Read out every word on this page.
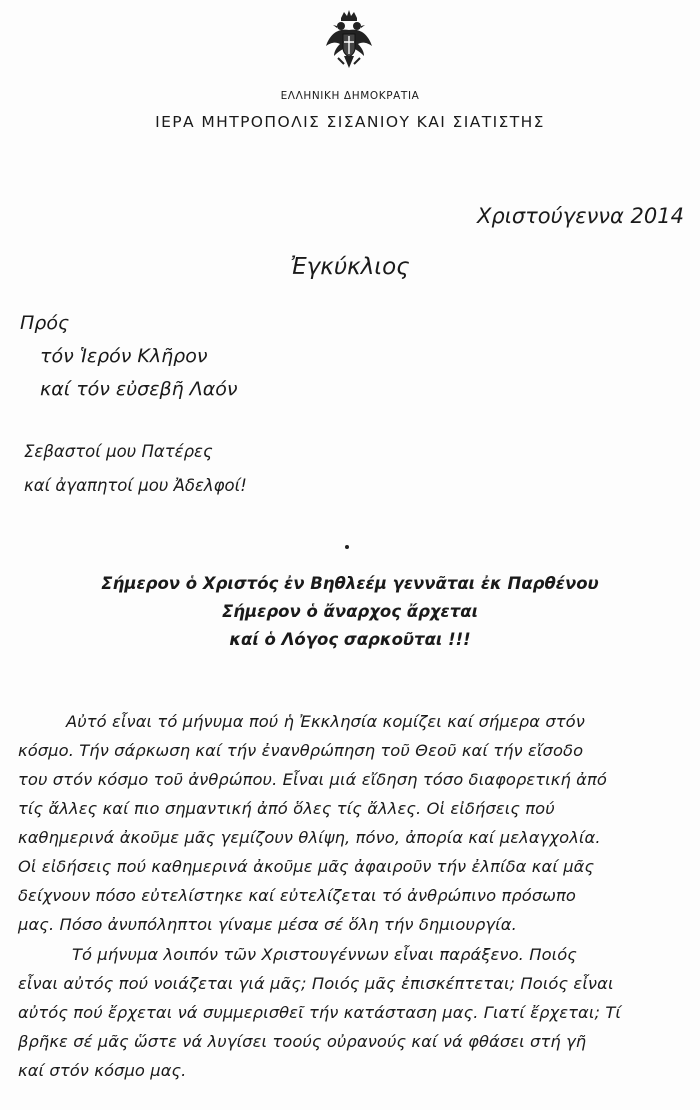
ΕΛΛΗΝΙΚΗ ΔΗΜΟΚΡΑΤΙΑ
ΙΕΡΑ ΜΗΤΡΟΠΟΛΙΣ ΣΙΣΑΝΙΟΥ ΚΑΙ ΣΙΑΤΙΣΤΗΣ
Χριστούγεννα 2014
Ἐγκύκλιος
Πρός
τόν Ἱερόν Κλῆρον
καί τόν εὐσεβῆ Λαόν
Σεβαστοί μου Πατέρες
καί ἀγαπητοί μου Ἀδελφοί!
Σήμερον ὁ Χριστός ἐν Βηθλεέμ γεννᾶται ἐκ Παρθένου
Σήμερον ὁ ἄναρχος ἄρχεται
καί ὁ Λόγος σαρκοῦται !!!
Αὐτό εἶναι τό μήνυμα πού ἡ Ἐκκλησία κομίζει καί σήμερα στόν
κόσμο. Τήν σάρκωση καί τήν ἐνανθρώπηση τοῦ Θεοῦ καί τήν εἴσοδο
του στόν κόσμο τοῦ ἀνθρώπου. Εἶναι μιά εἴδηση τόσο διαφορετική ἀπό
τίς ἄλλες καί πιο σημαντική ἀπό ὅλες τίς ἄλλες. Οἱ εἰδήσεις πού
καθημερινά ἀκοῦμε μᾶς γεμίζουν θλίψη, πόνο, ἀπορία καί μελαγχολία.
Οἱ εἰδήσεις πού καθημερινά ἀκοῦμε μᾶς ἀφαιροῦν τήν ἐλπίδα καί μᾶς
δείχνουν πόσο εὐτελίστηκε καί εὐτελίζεται τό ἀνθρώπινο πρόσωπο
μας. Πόσο ἀνυπόληπτοι γίναμε μέσα σέ ὅλη τήν δημιουργία.
Τό μήνυμα λοιπόν τῶν Χριστουγέννων εἶναι παράξενο. Ποιός
εἶναι αὐτός πού νοιάζεται γιά μᾶς; Ποιός μᾶς ἐπισκέπτεται; Ποιός εἶναι
αὐτός πού ἔρχεται νά συμμερισθεῖ τήν κατάσταση μας. Γιατί ἔρχεται; Τί
βρῆκε σέ μᾶς ὥστε νά λυγίσει τοούς οὐρανούς καί νά φθάσει στή γῆ
καί στόν κόσμο μας.
